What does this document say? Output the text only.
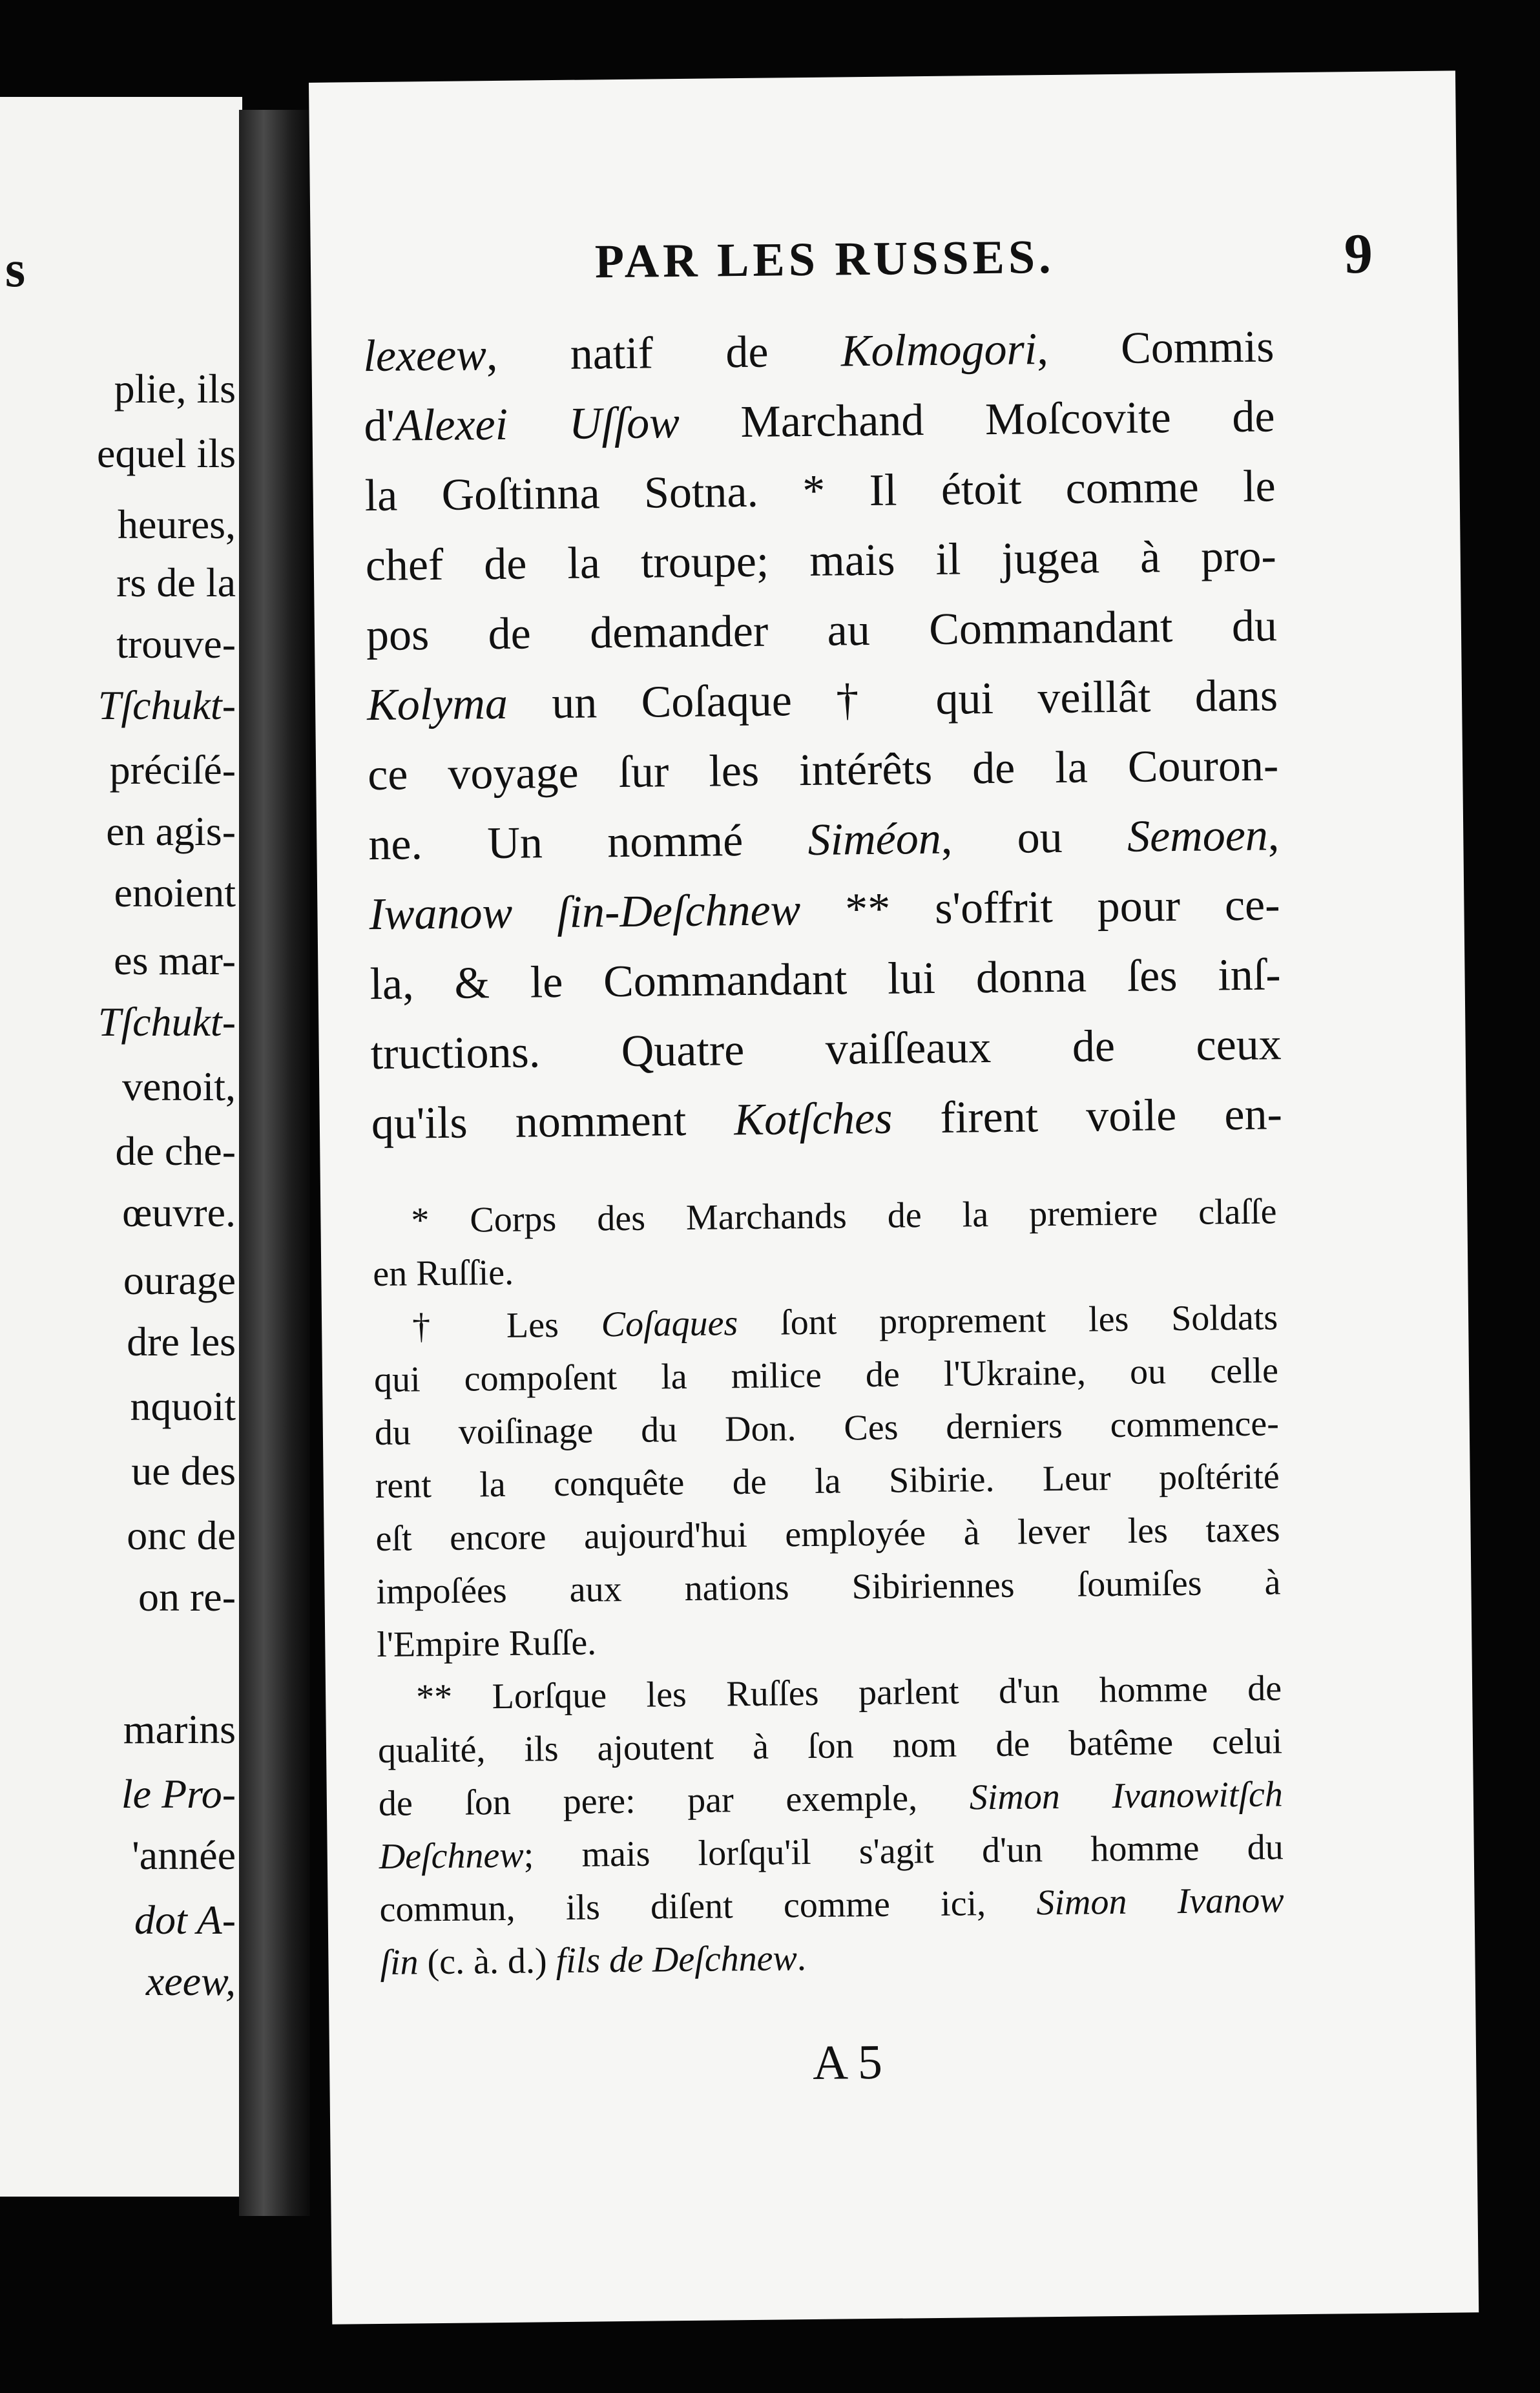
s
plie, ils
equel ils
heures,
rs de la
trouve-
Tſchukt-
préciſé-
en agis-
enoient
es mar-
Tſchukt-
venoit,
de che-
œuvre.
ourage
dre les
nquoit
ue des
onc de
on re-
marins
le Pro-
'année
dot A-
xeew,
PAR LES RUSSES.	9
lexeew, natif de Kolmogori, Commis
d'Alexei Uſſow Marchand Moſcovite de
la Goſtinna Sotna. * Il étoit comme le
chef de la troupe; mais il jugea à pro-
pos de demander au Commandant du
Kolyma un Coſaque † qui veillât dans
ce voyage ſur les intérêts de la Couron-
ne. Un nommé Siméon, ou Semoen,
Iwanow ſin-Deſchnew ** s'offrit pour ce-
la, & le Commandant lui donna ſes inſ-
tructions. Quatre vaiſſeaux de ceux
qu'ils nomment Kotſches firent voile en-
* Corps des Marchands de la premiere claſſe
en Ruſſie.
† Les Coſaques ſont proprement les Soldats
qui compoſent la milice de l'Ukraine, ou celle
du voiſinage du Don. Ces derniers commence-
rent la conquête de la Sibirie. Leur poſtérité
eſt encore aujourd'hui employée à lever les taxes
impoſées aux nations Sibiriennes ſoumiſes à
l'Empire Ruſſe.
** Lorſque les Ruſſes parlent d'un homme de
qualité, ils ajoutent à ſon nom de batême celui
de ſon pere: par exemple, Simon Ivanowitſch
Deſchnew; mais lorſqu'il s'agit d'un homme du
commun, ils diſent comme ici, Simon Ivanow
ſin (c. à. d.) fils de Deſchnew.
A 5
